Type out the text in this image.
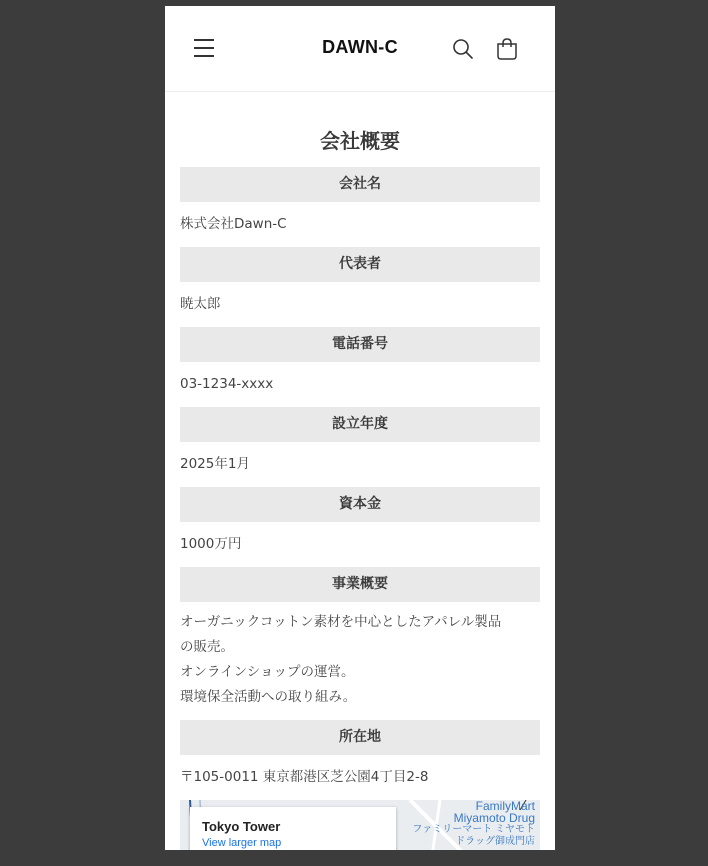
DAWN-C
会社概要
会社名
株式会社Dawn-C
代表者
暁太郎
電話番号
03-1234-xxxx
設立年度
2025年1月
資本金
1000万円
事業概要
オーガニックコットン素材を中心としたアパレル製品
の販売。
オンラインショップの運営。
環境保全活動への取り組み。
所在地
〒105-0011 東京都港区芝公園4丁目2-8
Tokyo Tower
View larger map
FamilyMart
Miyamoto Drug
ファミリーマート ミヤモト
ドラッグ御成門店
